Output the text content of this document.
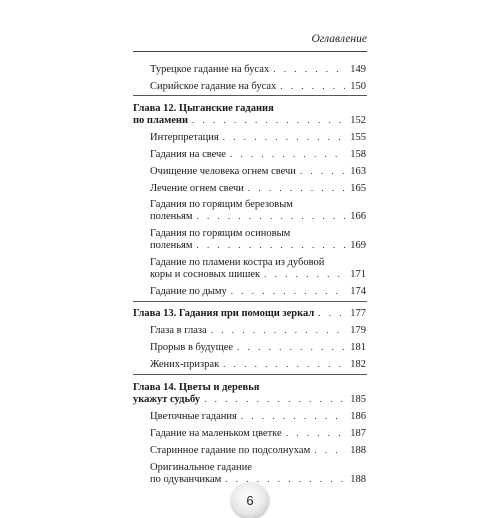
Оглавление
Турецкое гадание на бусах . . .	149
Сирийское гадание на бусах . . .	150
Глава 12. Цыганские гадания
по пламени . . .	152
Интерпретация . . .	155
Гадания на свече . . .	158
Очищение человека огнем свечи . . .	163
Лечение огнем свечи . . .	165
Гадания по горящим березовым
поленьям . . .	166
Гадания по горящим осиновым
поленьям . . .	169
Гадание по пламени костра из дубовой
коры и сосновых шишек . . .	171
Гадание по дыму . . .	174
Глава 13. Гадания при помощи зеркал . . .	177
Глаза в глаза . . .	179
Прорыв в будущее . . .	181
Жених-призрак . . .	182
Глава 14. Цветы и деревья
укажут судьбу . . .	185
Цветочные гадания . . .	186
Гадание на маленьком цветке . . .	187
Старинное гадание по подсолнухам . . .	188
Оригинальное гадание
по одуванчикам . . .	188
6
